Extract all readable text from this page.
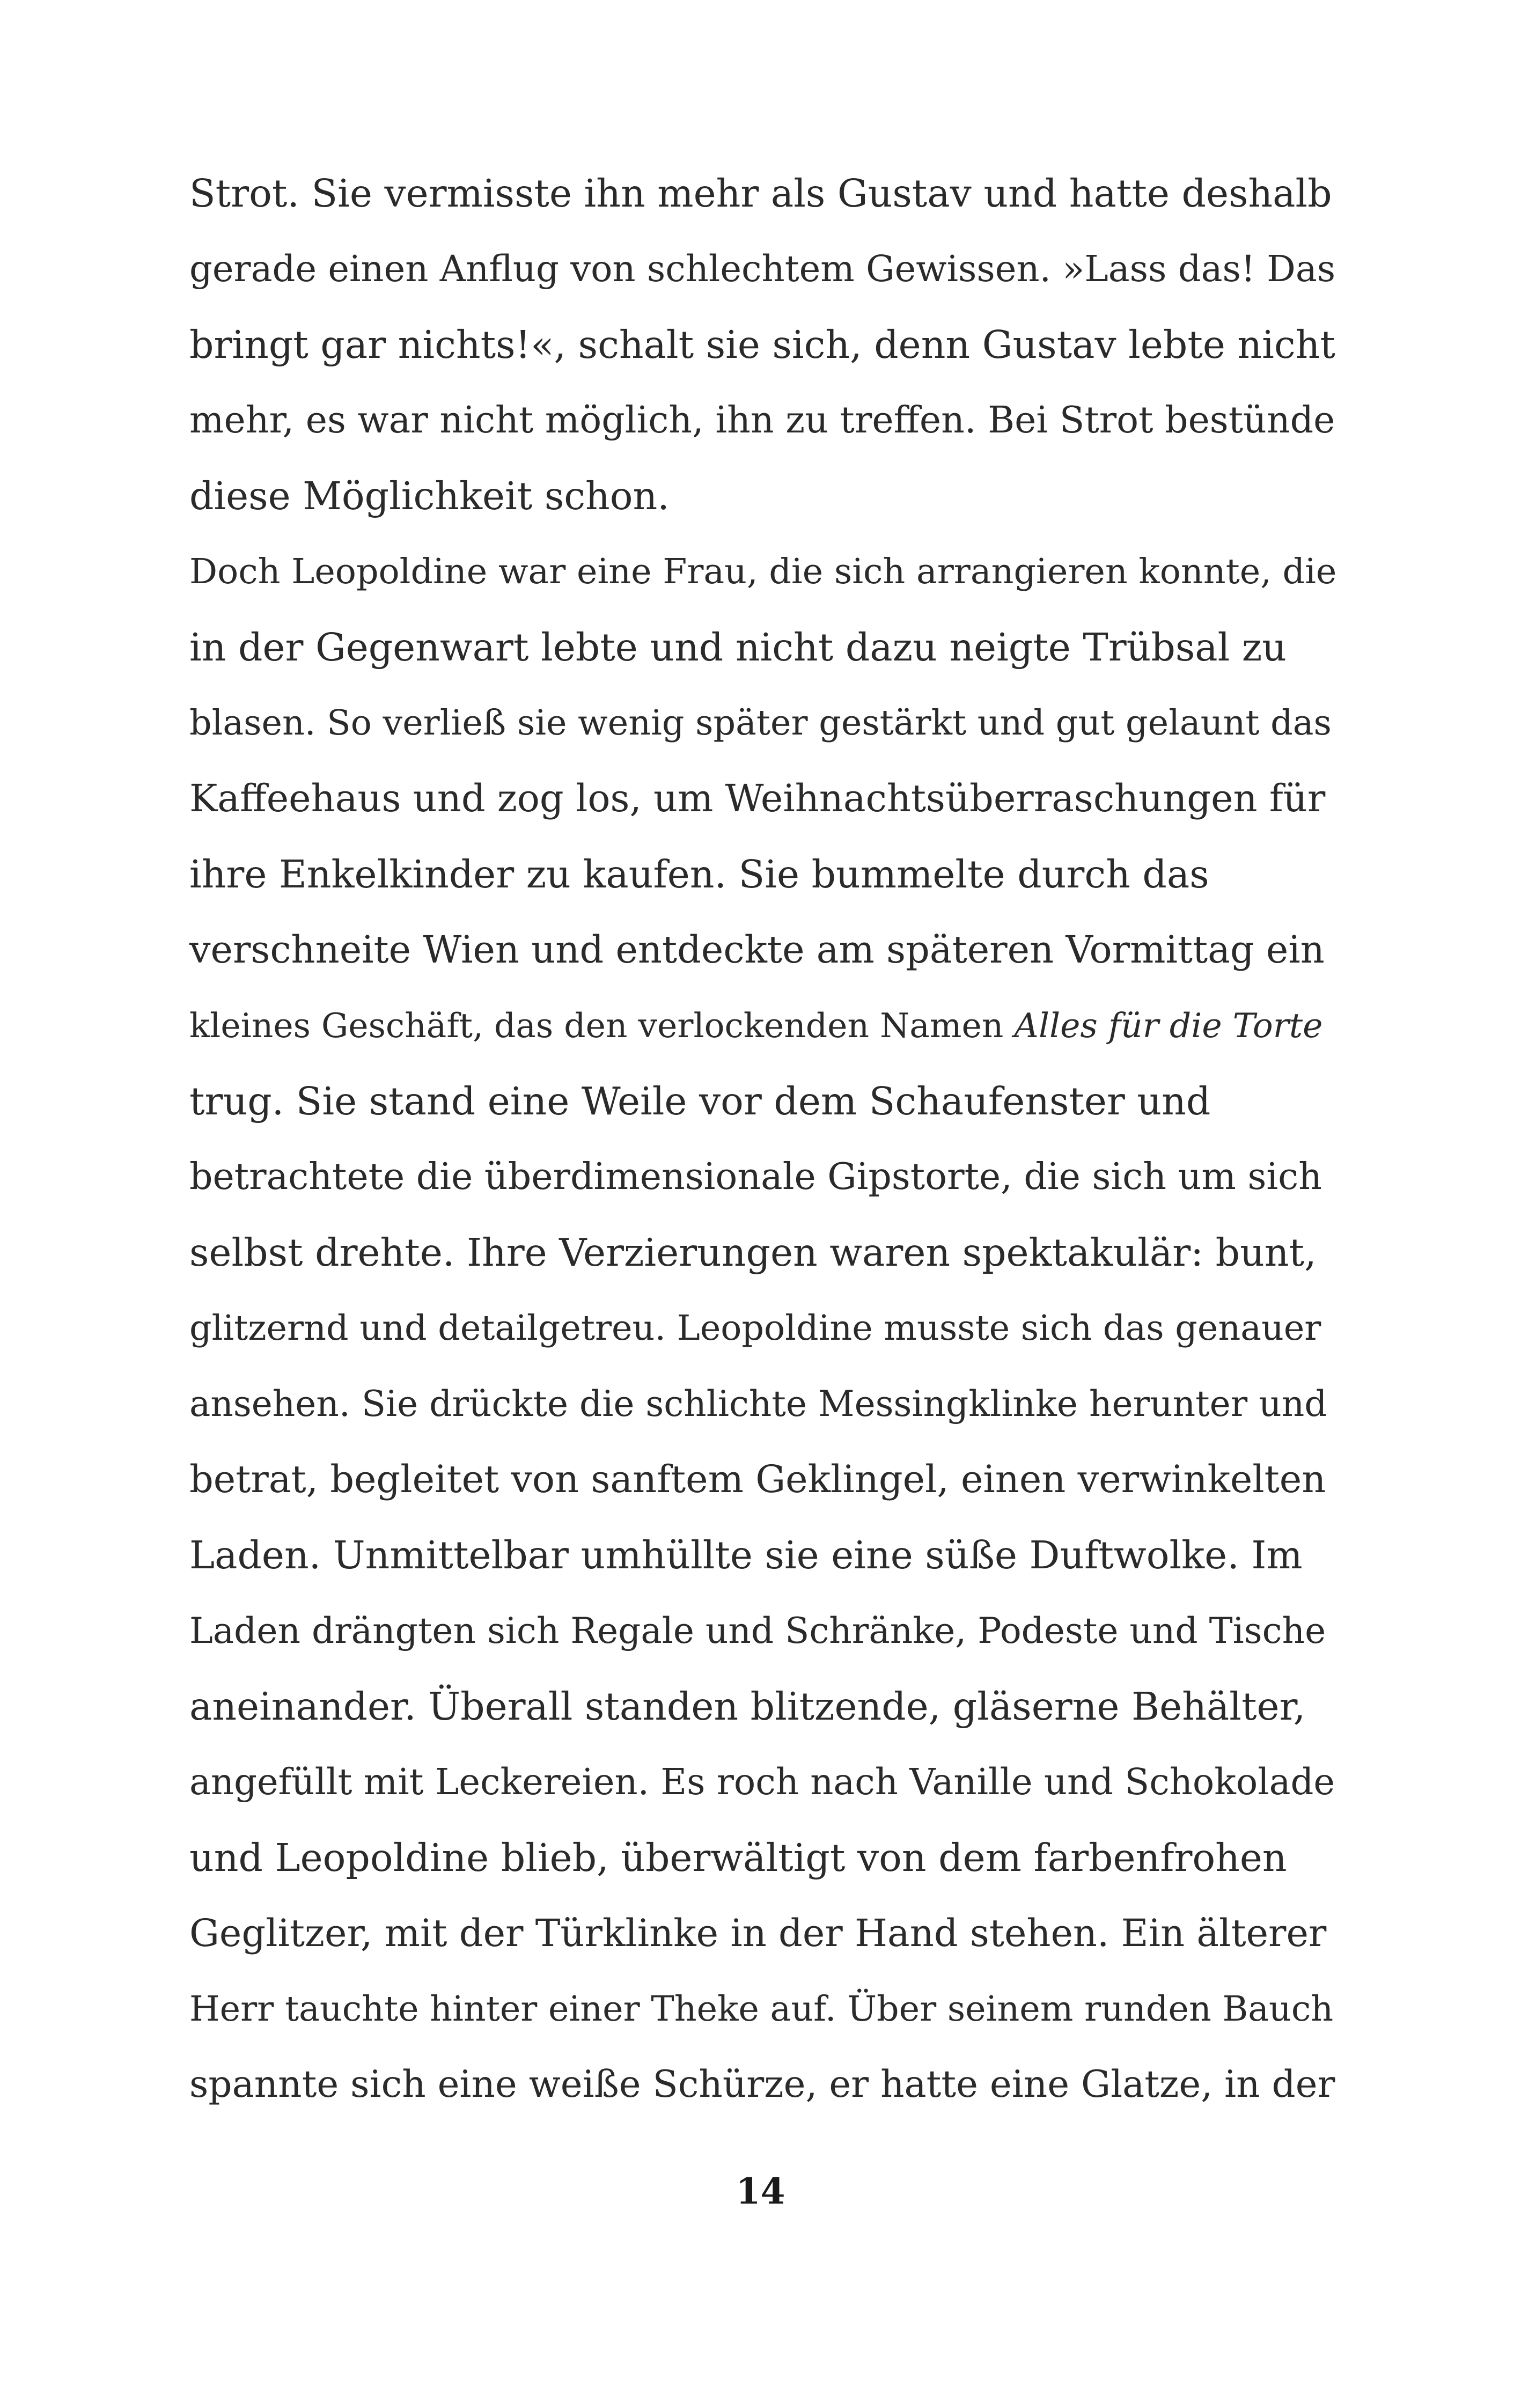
Strot. Sie vermisste ihn mehr als Gustav und hatte deshalb
gerade einen Anflug von schlechtem Gewissen. »Lass das! Das
bringt gar nichts!«, schalt sie sich, denn Gustav lebte nicht
mehr, es war nicht möglich, ihn zu treffen. Bei Strot bestünde
diese Möglichkeit schon.
Doch Leopoldine war eine Frau, die sich arrangieren konnte, die
in der Gegenwart lebte und nicht dazu neigte Trübsal zu
blasen. So verließ sie wenig später gestärkt und gut gelaunt das
Kaffeehaus und zog los, um Weihnachtsüberraschungen für
ihre Enkelkinder zu kaufen. Sie bummelte durch das
verschneite Wien und entdeckte am späteren Vormittag ein
kleines Geschäft, das den verlockenden Namen Alles für die Torte
trug. Sie stand eine Weile vor dem Schaufenster und
betrachtete die überdimensionale Gipstorte, die sich um sich
selbst drehte. Ihre Verzierungen waren spektakulär: bunt,
glitzernd und detailgetreu. Leopoldine musste sich das genauer
ansehen. Sie drückte die schlichte Messingklinke herunter und
betrat, begleitet von sanftem Geklingel, einen verwinkelten
Laden. Unmittelbar umhüllte sie eine süße Duftwolke. Im
Laden drängten sich Regale und Schränke, Podeste und Tische
aneinander. Überall standen blitzende, gläserne Behälter,
angefüllt mit Leckereien. Es roch nach Vanille und Schokolade
und Leopoldine blieb, überwältigt von dem farbenfrohen
Geglitzer, mit der Türklinke in der Hand stehen. Ein älterer
Herr tauchte hinter einer Theke auf. Über seinem runden Bauch
spannte sich eine weiße Schürze, er hatte eine Glatze, in der
14
